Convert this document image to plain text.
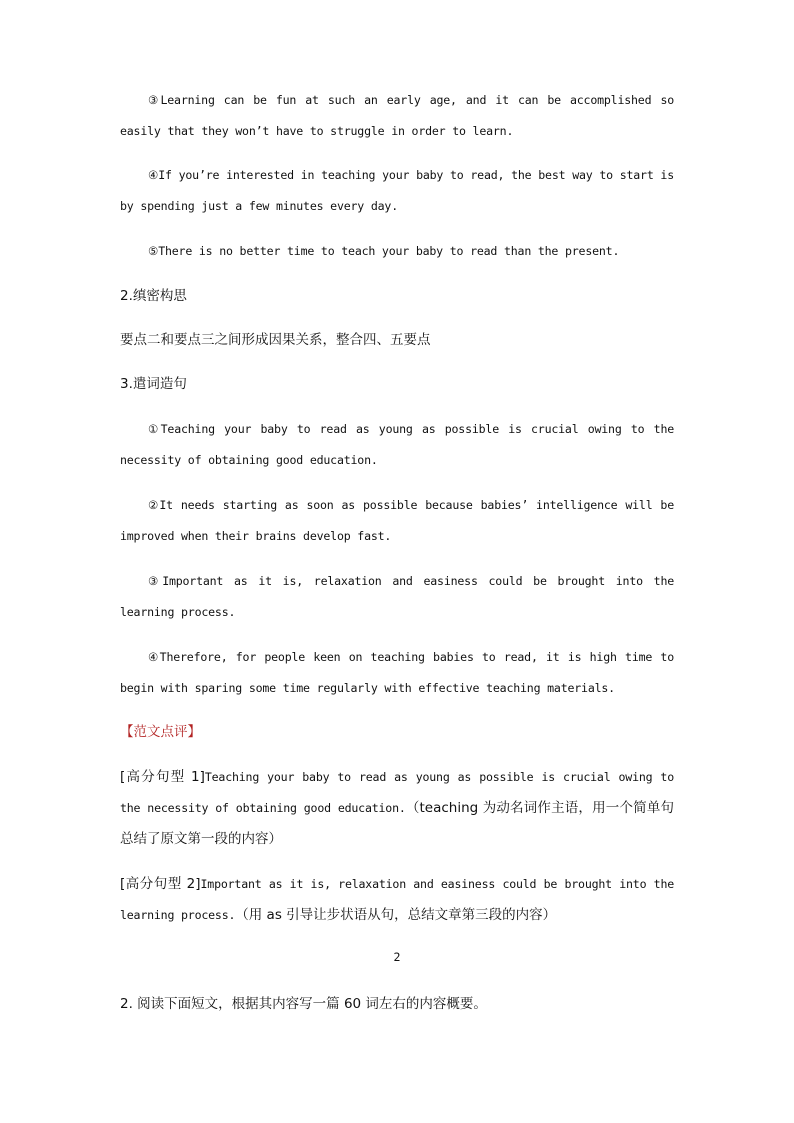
③Learning can be fun at such an early age, and it can be accomplished so easily that they won’t have to struggle in order to learn.

④If you’re interested in teaching your baby to read, the best way to start is by spending just a few minutes every day.

⑤There is no better time to teach your baby to read than the present.

2.缜密构思

要点二和要点三之间形成因果关系，整合四、五要点

3.遣词造句

①Teaching your baby to read as young as possible is crucial owing to the necessity of obtaining good education.

②It needs starting as soon as possible because babies’ intelligence will be improved when their brains develop fast.

③Important as it is, relaxation and easiness could be brought into the learning process.

④Therefore, for people keen on teaching babies to read, it is high time to begin with sparing some time regularly with effective teaching materials.

【范文点评】

[高分句型 1]Teaching your baby to read as young as possible is crucial owing to the necessity of obtaining good education.（teaching 为动名词作主语，用一个简单句总结了原文第一段的内容）

[高分句型 2]Important as it is, relaxation and easiness could be brought into the learning process.（用 as 引导让步状语从句，总结文章第三段的内容）

2

2. 阅读下面短文，根据其内容写一篇 60 词左右的内容概要。
